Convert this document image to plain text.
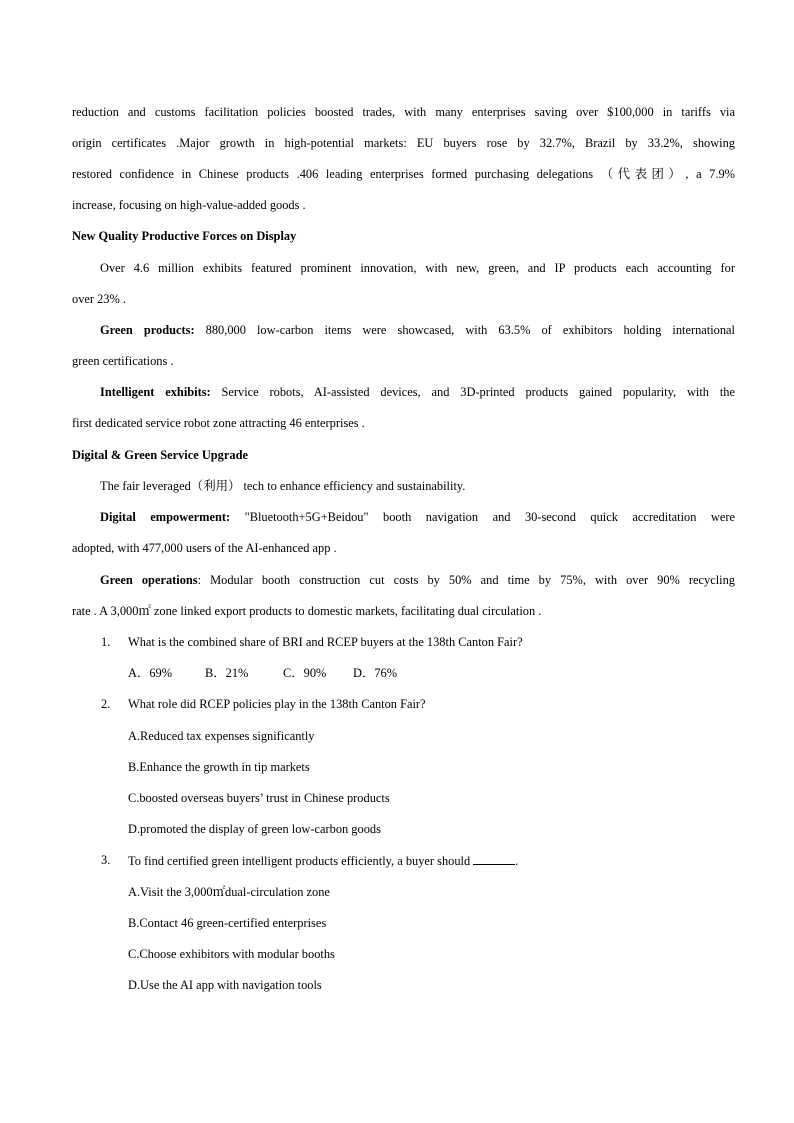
reduction and customs facilitation policies boosted trades, with many enterprises saving over $100,000 in tariffs via
origin certificates .Major growth in high-potential markets: EU buyers rose by 32.7%, Brazil by 33.2%, showing
restored confidence in Chinese products .406 leading enterprises formed purchasing delegations （代表团）, a 7.9%
increase, focusing on high-value-added goods .
New Quality Productive Forces on Display
Over 4.6 million exhibits featured prominent innovation, with new, green, and IP products each accounting for
over 23% .
Green products: 880,000 low-carbon items were showcased, with 63.5% of exhibitors holding international
green certifications .
Intelligent exhibits: Service robots, AI-assisted devices, and 3D-printed products gained popularity, with the
first dedicated service robot zone attracting 46 enterprises .
Digital & Green Service Upgrade
The fair leveraged（利用） tech to enhance efficiency and sustainability.
Digital empowerment: "Bluetooth+5G+Beidou" booth navigation and 30-second quick accreditation were
adopted, with 477,000 users of the AI-enhanced app .
Green operations: Modular booth construction cut costs by 50% and time by 75%, with over 90% recycling
rate . A 3,000㎡ zone linked export products to domestic markets, facilitating dual circulation .
1. What is the combined share of BRI and RCEP buyers at the 138th Canton Fair?
A．69%	B．21%	C．90% D．76%
2. What role did RCEP policies play in the 138th Canton Fair?
A.Reduced tax expenses significantly
B.Enhance the growth in tip markets
C.boosted overseas buyers’ trust in Chinese products
D.promoted the display of green low-carbon goods
3. To find certified green intelligent products efficiently, a buyer should	.
A.Visit the 3,000㎡dual-circulation zone
B.Contact 46 green-certified enterprises
C.Choose exhibitors with modular booths
D.Use the AI app with navigation tools
